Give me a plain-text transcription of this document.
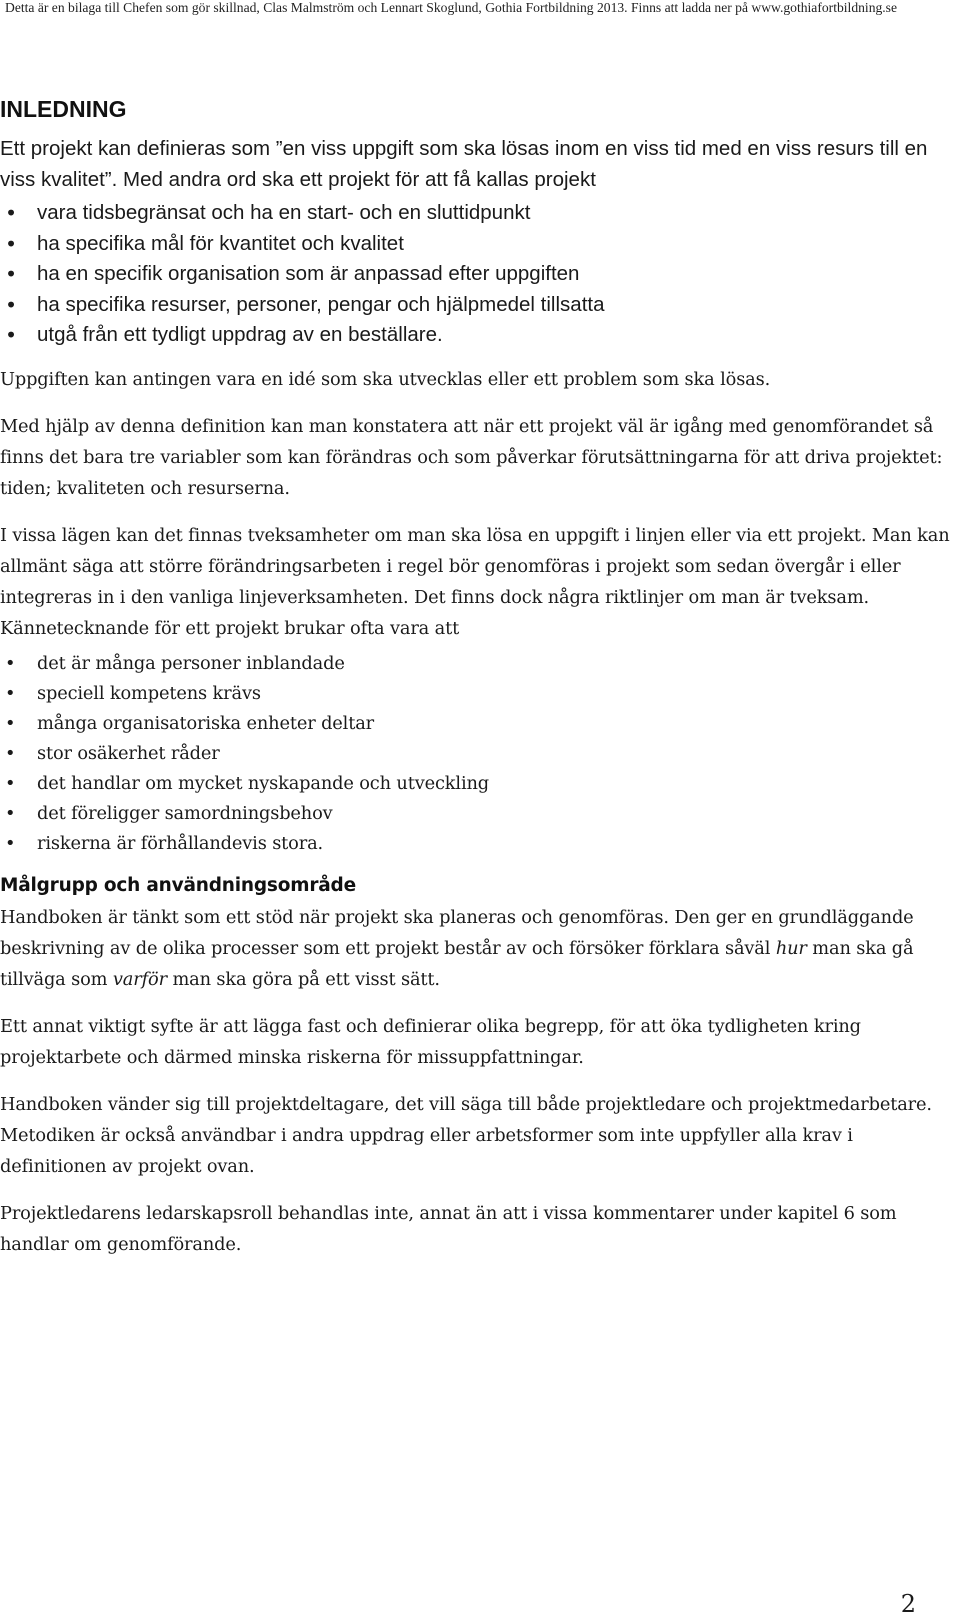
Detta är en bilaga till Chefen som gör skillnad, Clas Malmström och Lennart Skoglund, Gothia Fortbildning 2013. Finns att ladda ner på www.gothiafortbildning.se
INLEDNING

Ett projekt kan definieras som ”en viss uppgift som ska lösas inom en viss tid med en viss resurs till en viss kvalitet”. Med andra ord ska ett projekt för att få kallas projekt

• vara tidsbegränsat och ha en start- och en sluttidpunkt
• ha specifika mål för kvantitet och kvalitet
• ha en specifik organisation som är anpassad efter uppgiften
• ha specifika resurser, personer, pengar och hjälpmedel tillsatta
• utgå från ett tydligt uppdrag av en beställare.

Uppgiften kan antingen vara en idé som ska utvecklas eller ett problem som ska lösas.

Med hjälp av denna definition kan man konstatera att när ett projekt väl är igång med genomförandet så finns det bara tre variabler som kan förändras och som påverkar förutsättningarna för att driva projektet: tiden; kvaliteten och resurserna.

I vissa lägen kan det finnas tveksamheter om man ska lösa en uppgift i linjen eller via ett projekt. Man kan allmänt säga att större förändringsarbeten i regel bör genomföras i projekt som sedan övergår i eller integreras in i den vanliga linjeverksamheten. Det finns dock några riktlinjer om man är tveksam. Kännetecknande för ett projekt brukar ofta vara att

• det är många personer inblandade
• speciell kompetens krävs
• många organisatoriska enheter deltar
• stor osäkerhet råder
• det handlar om mycket nyskapande och utveckling
• det föreligger samordningsbehov
• riskerna är förhållandevis stora.
Målgrupp och användningsområde

Handboken är tänkt som ett stöd när projekt ska planeras och genomföras. Den ger en grundläggande beskrivning av de olika processer som ett projekt består av och försöker förklara såväl hur man ska gå tillväga som varför man ska göra på ett visst sätt.

Ett annat viktigt syfte är att lägga fast och definierar olika begrepp, för att öka tydligheten kring projektarbete och därmed minska riskerna för missuppfattningar.

Handboken vänder sig till projektdeltagare, det vill säga till både projektledare och projektmedarbetare. Metodiken är också användbar i andra uppdrag eller arbetsformer som inte uppfyller alla krav i definitionen av projekt ovan.

Projektledarens ledarskapsroll behandlas inte, annat än att i vissa kommentarer under kapitel 6 som handlar om genomförande.

2
